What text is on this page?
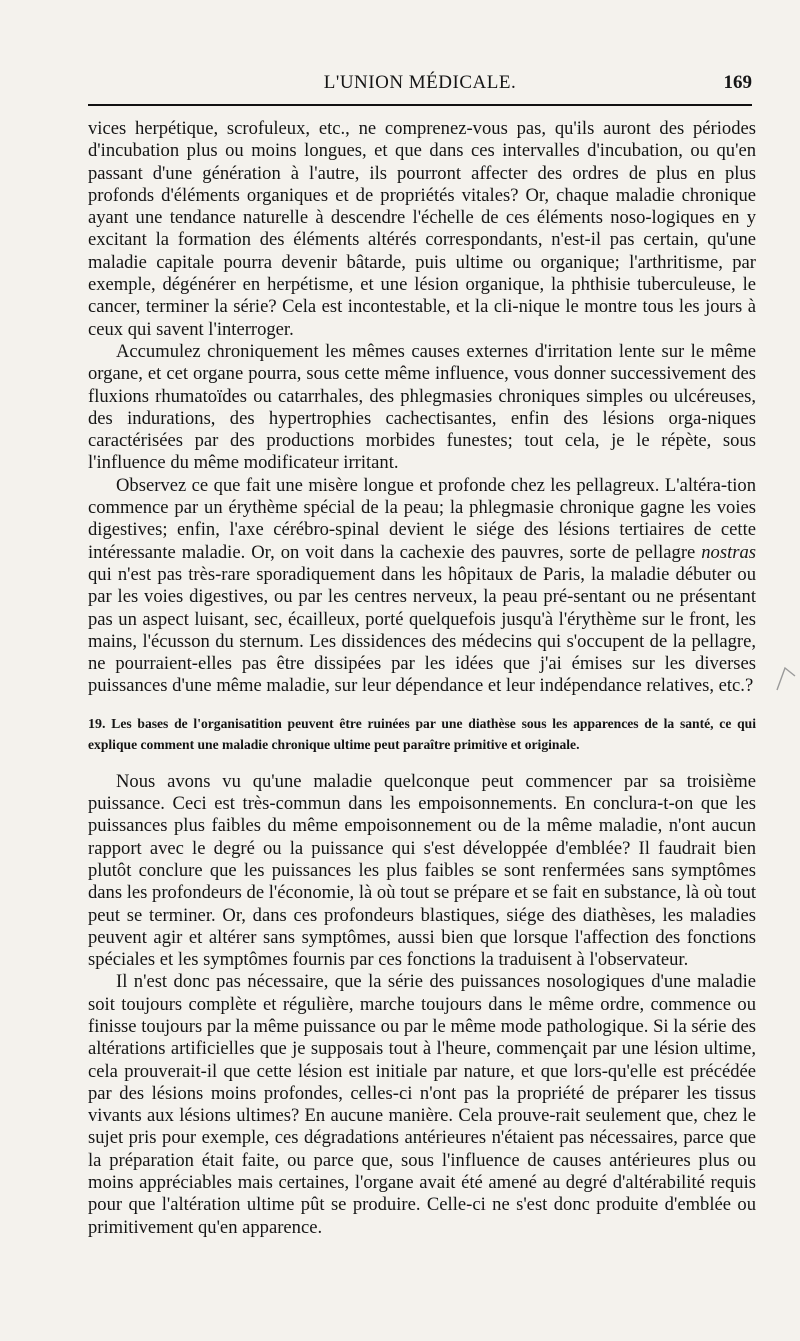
L'UNION MÉDICALE.	169

vices herpétique, scrofuleux, etc., ne comprenez-vous pas, qu'ils auront des périodes d'incubation plus ou moins longues, et que dans ces intervalles d'incubation, ou qu'en passant d'une génération à l'autre, ils pourront affecter des ordres de plus en plus profonds d'éléments organiques et de propriétés vitales? Or, chaque maladie chronique ayant une tendance naturelle à descendre l'échelle de ces éléments noso-logiques en y excitant la formation des éléments altérés correspondants, n'est-il pas certain, qu'une maladie capitale pourra devenir bâtarde, puis ultime ou organique; l'arthritisme, par exemple, dégénérer en herpétisme, et une lésion organique, la phthisie tuberculeuse, le cancer, terminer la série? Cela est incontestable, et la cli-nique le montre tous les jours à ceux qui savent l'interroger.

Accumulez chroniquement les mêmes causes externes d'irritation lente sur le même organe, et cet organe pourra, sous cette même influence, vous donner successivement des fluxions rhumatoïdes ou catarrhales, des phlegmasies chroniques simples ou ulcéreuses, des indurations, des hypertrophies cachectisantes, enfin des lésions orga-niques caractérisées par des productions morbides funestes; tout cela, je le répète, sous l'influence du même modificateur irritant.

Observez ce que fait une misère longue et profonde chez les pellagreux. L'altéra-tion commence par un érythème spécial de la peau; la phlegmasie chronique gagne les voies digestives; enfin, l'axe cérébro-spinal devient le siége des lésions tertiaires de cette intéressante maladie. Or, on voit dans la cachexie des pauvres, sorte de pellagre nostras qui n'est pas très-rare sporadiquement dans les hôpitaux de Paris, la maladie débuter ou par les voies digestives, ou par les centres nerveux, la peau pré-sentant ou ne présentant pas un aspect luisant, sec, écailleux, porté quelquefois jusqu'à l'érythème sur le front, les mains, l'écusson du sternum. Les dissidences des médecins qui s'occupent de la pellagre, ne pourraient-elles pas être dissipées par les idées que j'ai émises sur les diverses puissances d'une même maladie, sur leur dépendance et leur indépendance relatives, etc.?

19. Les bases de l'organisatition peuvent être ruinées par une diathèse sous les apparences de la santé, ce qui explique comment une maladie chronique ultime peut paraître primitive et originale.

Nous avons vu qu'une maladie quelconque peut commencer par sa troisième puissance. Ceci est très-commun dans les empoisonnements. En conclura-t-on que les puissances plus faibles du même empoisonnement ou de la même maladie, n'ont aucun rapport avec le degré ou la puissance qui s'est développée d'emblée? Il faudrait bien plutôt conclure que les puissances les plus faibles se sont renfermées sans symptômes dans les profondeurs de l'économie, là où tout se prépare et se fait en substance, là où tout peut se terminer. Or, dans ces profondeurs blastiques, siége des diathèses, les maladies peuvent agir et altérer sans symptômes, aussi bien que lorsque l'affection des fonctions spéciales et les symptômes fournis par ces fonctions la traduisent à l'observateur.

Il n'est donc pas nécessaire, que la série des puissances nosologiques d'une maladie soit toujours complète et régulière, marche toujours dans le même ordre, commence ou finisse toujours par la même puissance ou par le même mode pathologique. Si la série des altérations artificielles que je supposais tout à l'heure, commençait par une lésion ultime, cela prouverait-il que cette lésion est initiale par nature, et que lors-qu'elle est précédée par des lésions moins profondes, celles-ci n'ont pas la propriété de préparer les tissus vivants aux lésions ultimes? En aucune manière. Cela prouve-rait seulement que, chez le sujet pris pour exemple, ces dégradations antérieures n'étaient pas nécessaires, parce que la préparation était faite, ou parce que, sous l'influence de causes antérieures plus ou moins appréciables mais certaines, l'organe avait été amené au degré d'altérabilité requis pour que l'altération ultime pût se produire. Celle-ci ne s'est donc produite d'emblée ou primitivement qu'en apparence.
